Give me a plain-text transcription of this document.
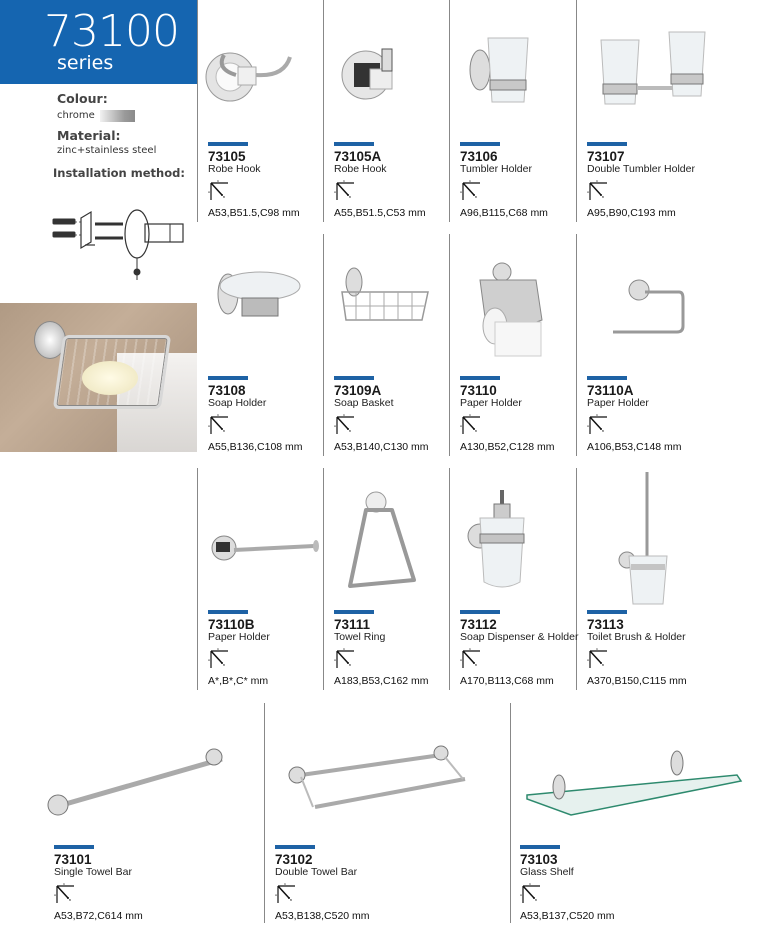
73100
series
Colour:
chrome
Material:
zinc+stainless steel
Installation method:
73105
Robe Hook
A53,B51.5,C98 mm
73105A
Robe Hook
A55,B51.5,C53 mm
73106
Tumbler Holder
A96,B115,C68 mm
73107
Double Tumbler Holder
A95,B90,C193 mm
73108
Soap Holder
A55,B136,C108 mm
73109A
Soap Basket
A53,B140,C130 mm
73110
Paper Holder
A130,B52,C128 mm
73110A
Paper Holder
A106,B53,C148 mm
73110B
Paper Holder
A*,B*,C* mm
73111
Towel Ring
A183,B53,C162 mm
73112
Soap Dispenser & Holder
A170,B113,C68 mm
73113
Toilet Brush & Holder
A370,B150,C115 mm
73101
Single Towel Bar
A53,B72,C614 mm
73102
Double Towel Bar
A53,B138,C520 mm
73103
Glass Shelf
A53,B137,C520 mm
